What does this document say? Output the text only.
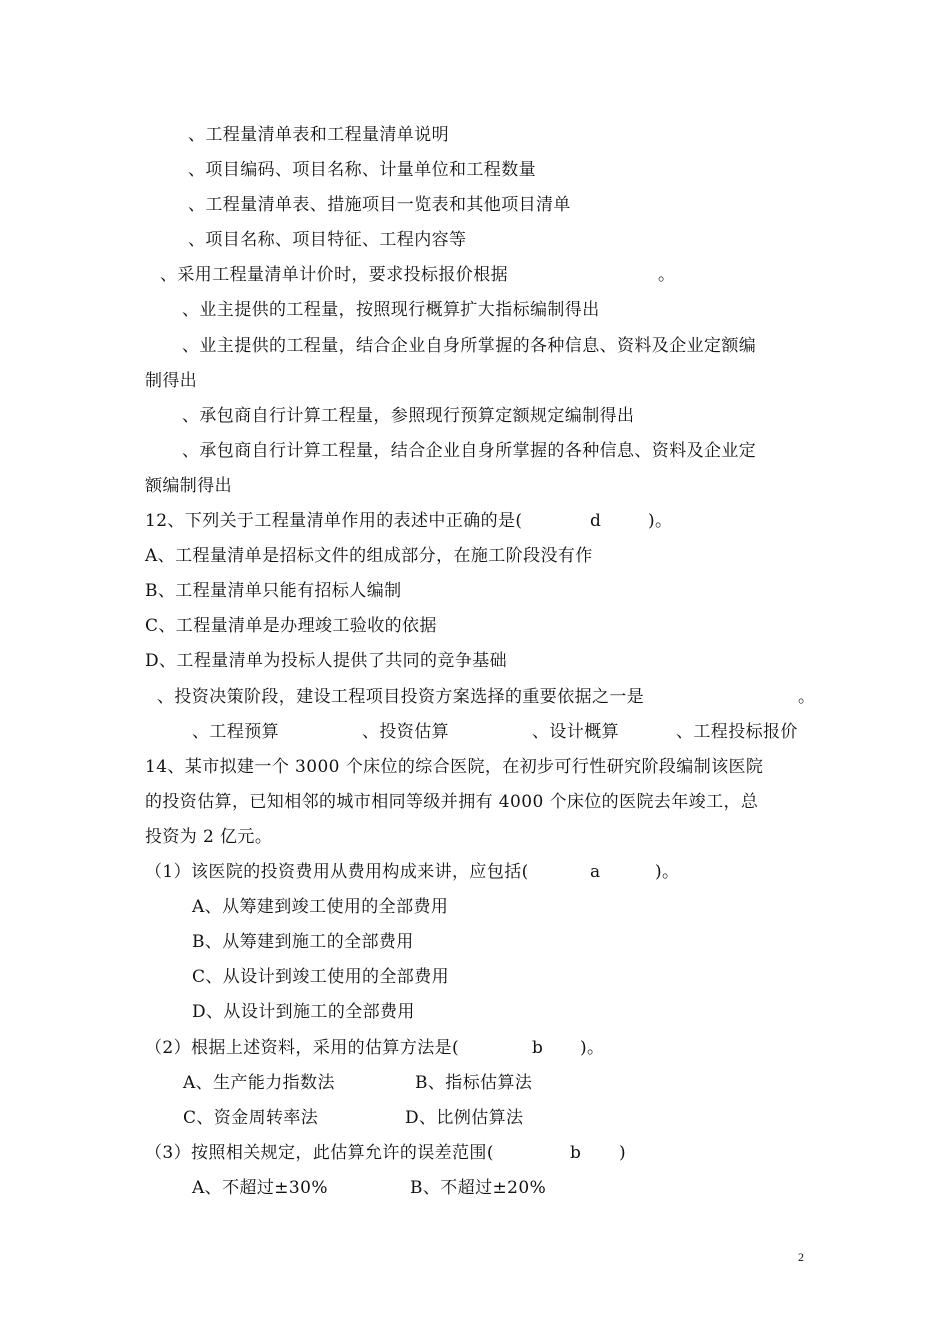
、工程量清单表和工程量清单说明
、项目编码、项目名称、计量单位和工程数量
、工程量清单表、措施项目一览表和其他项目清单
、项目名称、项目特征、工程内容等
、采用工程量清单计价时，要求投标报价根据	。
、业主提供的工程量，按照现行概算扩大指标编制得出
、业主提供的工程量，结合企业自身所掌握的各种信息、资料及企业定额编
制得出
、承包商自行计算工程量，参照现行预算定额规定编制得出
、承包商自行计算工程量，结合企业自身所掌握的各种信息、资料及企业定
额编制得出
12、下列关于工程量清单作用的表述中正确的是(	d	)。
A、工程量清单是招标文件的组成部分，在施工阶段没有作
B、工程量清单只能有招标人编制
C、工程量清单是办理竣工验收的依据
D、工程量清单为投标人提供了共同的竞争基础
、投资决策阶段，建设工程项目投资方案选择的重要依据之一是	。
、工程预算	、投资估算	、设计概算	、工程投标报价
14、某市拟建一个 3000 个床位的综合医院，在初步可行性研究阶段编制该医院
的投资估算，已知相邻的城市相同等级并拥有 4000 个床位的医院去年竣工，总
投资为 2 亿元。
（1）该医院的投资费用从费用构成来讲，应包括(	a	)。
A、从筹建到竣工使用的全部费用
B、从筹建到施工的全部费用
C、从设计到竣工使用的全部费用
D、从设计到施工的全部费用
（2）根据上述资料，采用的估算方法是(	b )。
A、生产能力指数法	B、指标估算法
C、资金周转率法	D、比例估算法
（3）按照相关规定，此估算允许的误差范围(	b )
A、不超过±30%	B、不超过±20%
2
